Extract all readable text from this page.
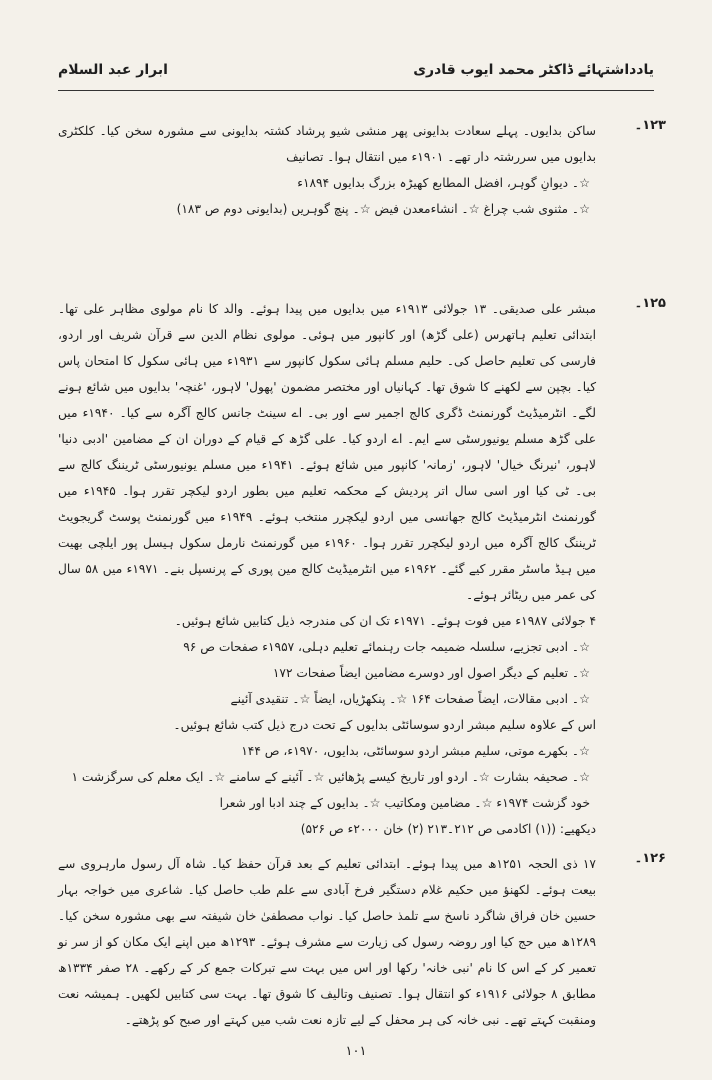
یادداشتہائے ڈاکٹر محمد ایوب قادری
ابرار عبد السلام
۱۲۳۔

ساکن بدایوں۔ پہلے سعادت بدایونی پھر منشی شیو پرشاد کشتہ بدایونی سے مشورہ سخن کیا۔ کلکٹری بدایوں میں سررشتہ دار تھے۔ ۱۹۰۱ء میں انتقال ہوا۔ تصانیف

☆۔ دیوانِ گوہر، افضل المطابع کھیڑہ بزرگ بدایوں ۱۸۹۴ء

☆۔ مثنوی شب چراغ ☆۔ انشاءمعدن فیض ☆۔ پنچ گوہریں (بدایونی دوم ص ۱۸۳)

۱۲۵۔

مبشر علی صدیقی۔ ۱۳ جولائی ۱۹۱۳ء میں بدایوں میں پیدا ہوئے۔ والد کا نام مولوی مظاہر علی تھا۔ ابتدائی تعلیم ہاتھرس (علی گڑھ) اور کانپور میں ہوئی۔ مولوی نظام الدین سے قرآن شریف اور اردو، فارسی کی تعلیم حاصل کی۔ حلیم مسلم ہائی سکول کانپور سے ۱۹۳۱ء میں ہائی سکول کا امتحان پاس کیا۔ بچپن سے لکھنے کا شوق تھا۔ کہانیاں اور مختصر مضمون 'پھول' لاہور، 'غنچہ' بدایوں میں شائع ہونے لگے۔ انٹرمیڈیٹ گورنمنٹ ڈگری کالج اجمیر سے اور بی۔ اے سینٹ جانس کالج آگرہ سے کیا۔ ۱۹۴۰ء میں علی گڑھ مسلم یونیورسٹی سے ایم۔ اے اردو کیا۔ علی گڑھ کے قیام کے دوران ان کے مضامین 'ادبی دنیا' لاہور، 'نیرنگ خیال' لاہور، 'زمانہ' کانپور میں شائع ہوئے۔ ۱۹۴۱ء میں مسلم یونیورسٹی ٹریننگ کالج سے بی۔ ٹی کیا اور اسی سال اتر پردیش کے محکمہ تعلیم میں بطور اردو لیکچر تقرر ہوا۔ ۱۹۴۵ء میں گورنمنٹ انٹرمیڈیٹ کالج جھانسی میں اردو لیکچرر منتخب ہوئے۔ ۱۹۴۹ء میں گورنمنٹ پوسٹ گریجویٹ ٹریننگ کالج آگرہ میں اردو لیکچرر تقرر ہوا۔ ۱۹۶۰ء میں گورنمنٹ نارمل سکول ہیسل پور ایلچی بھیت میں ہیڈ ماسٹر مقرر کیے گئے۔ ۱۹۶۲ء میں انٹرمیڈیٹ کالج مین پوری کے پرنسپل بنے۔ ۱۹۷۱ء میں ۵۸ سال کی عمر میں ریٹائر ہوئے۔

۴ جولائی ۱۹۸۷ء میں فوت ہوئے۔ ۱۹۷۱ء تک ان کی مندرجہ ذیل کتابیں شائع ہوئیں۔

☆۔ ادبی تجزیے، سلسلہ ضمیمہ جات رہنمائے تعلیم دہلی، ۱۹۵۷ء صفحات ص ۹۶

☆۔ تعلیم کے دیگر اصول اور دوسرے مضامین ایضاً صفحات ۱۷۲

☆۔ ادبی مقالات، ایضاً صفحات ۱۶۴ ☆۔ پنکھڑیاں، ایضاً ☆۔ تنقیدی آئینے

اس کے علاوہ سلیم مبشر اردو سوسائٹی بدایوں کے تحت درج ذیل کتب شائع ہوئیں۔

☆۔ بکھرے موتی، سلیم مبشر اردو سوسائٹی، بدایوں، ۱۹۷۰ء، ص ۱۴۴

☆۔ صحیفہ بشارت ☆۔ اردو اور تاریخ کیسے پڑھائیں ☆۔ آئینے کے سامنے ☆۔ ایک معلم کی سرگزشت ۱

خود گزشت ۱۹۷۴ء ☆۔ مضامین ومکاتیب ☆۔ بدایوں کے چند ادبا اور شعرا

دیکھیے: ((۱) اکادمی ص ۲۱۲۔۲۱۳ (۲) خان ۲۰۰۰ء ص ۵۲۶)

۱۲۶۔

۱۷ ذی الحجہ ۱۲۵۱ھ میں پیدا ہوئے۔ ابتدائی تعلیم کے بعد قرآن حفظ کیا۔ شاہ آل رسول مارہروی سے بیعت ہوئے۔ لکھنؤ میں حکیم غلام دستگیر فرخ آبادی سے علم طب حاصل کیا۔ شاعری میں خواجہ بہار حسین خان فراق شاگرد ناسخ سے تلمذ حاصل کیا۔ نواب مصطفیٰ خان شیفتہ سے بھی مشورہ سخن کیا۔ ۱۲۸۹ھ میں حج کیا اور روضہ رسول کی زیارت سے مشرف ہوئے۔ ۱۲۹۳ھ میں اپنے ایک مکان کو از سر نو تعمیر کر کے اس کا نام 'نبی خانہ' رکھا اور اس میں بہت سے تبرکات جمع کر کے رکھے۔ ۲۸ صفر ۱۳۳۴ھ مطابق ۸ جولائی ۱۹۱۶ء کو انتقال ہوا۔ تصنیف وتالیف کا شوق تھا۔ بہت سی کتابیں لکھیں۔ ہمیشہ نعت ومنقبت کہتے تھے۔ نبی خانہ کی ہر محفل کے لیے تازہ نعت شب میں کہتے اور صبح کو پڑھتے۔

۱۰۱
